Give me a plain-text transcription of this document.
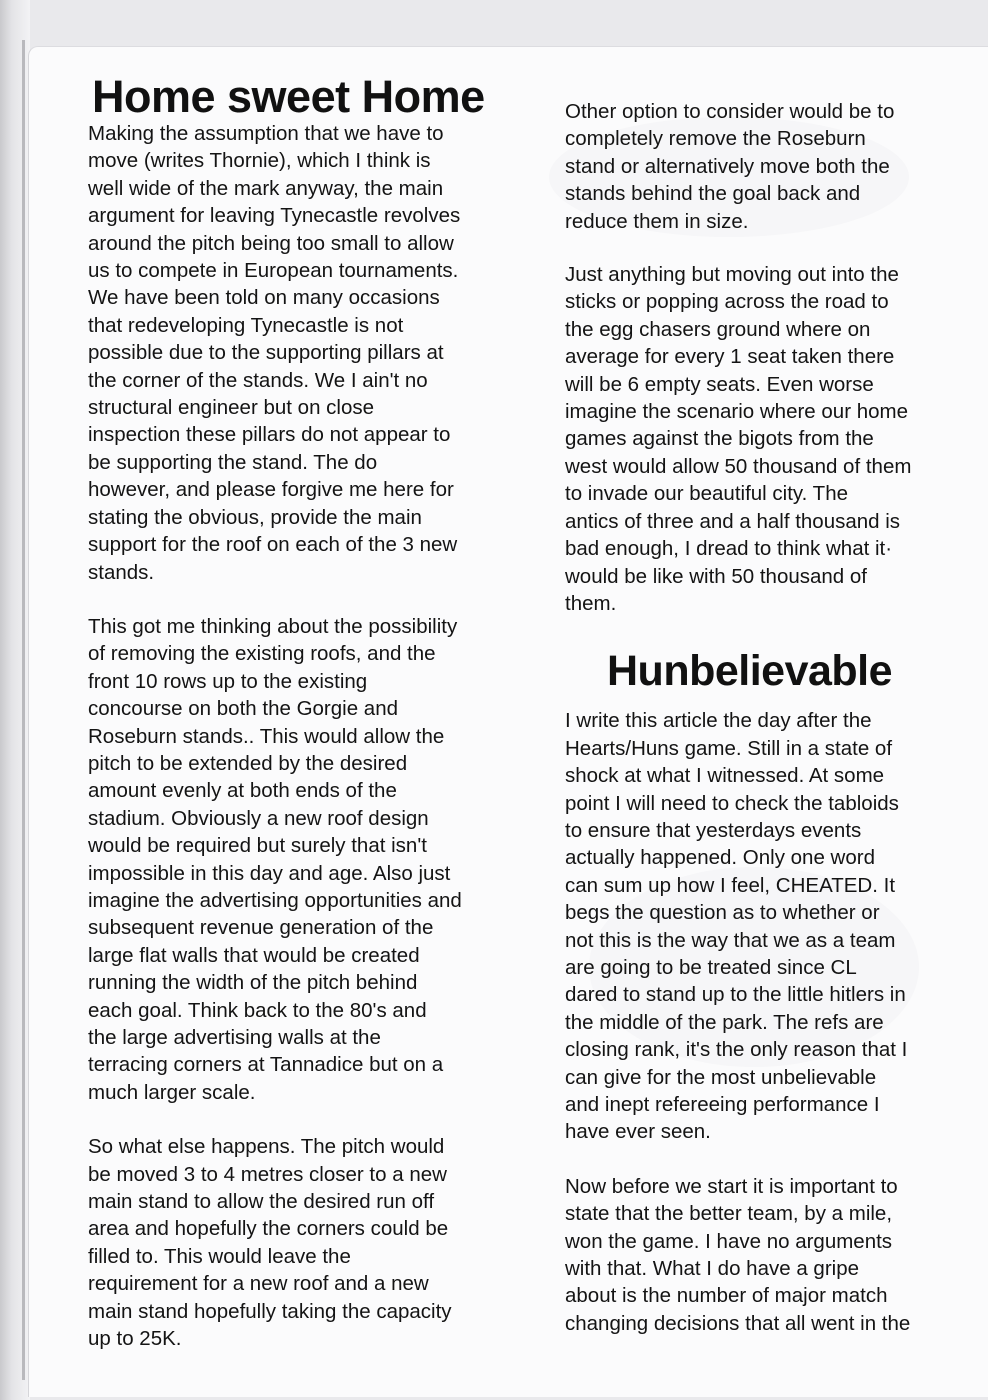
Home sweet Home

Making the assumption that we have to
move (writes Thornie), which I think is
well wide of the mark anyway, the main
argument for leaving Tynecastle revolves
around the pitch being too small to allow
us to compete in European tournaments.
We have been told on many occasions
that redeveloping Tynecastle is not
possible due to the supporting pillars at
the corner of the stands. We I ain't no
structural engineer but on close
inspection these pillars do not appear to
be supporting the stand. The do
however, and please forgive me here for
stating the obvious, provide the main
support for the roof on each of the 3 new
stands.

This got me thinking about the possibility
of removing the existing roofs, and the
front 10 rows up to the existing
concourse on both the Gorgie and
Roseburn stands.. This would allow the
pitch to be extended by the desired
amount evenly at both ends of the
stadium. Obviously a new roof design
would be required but surely that isn't
impossible in this day and age. Also just
imagine the advertising opportunities and
subsequent revenue generation of the
large flat walls that would be created
running the width of the pitch behind
each goal. Think back to the 80's and
the large advertising walls at the
terracing corners at Tannadice but on a
much larger scale.

So what else happens. The pitch would
be moved 3 to 4 metres closer to a new
main stand to allow the desired run off
area and hopefully the corners could be
filled to. This would leave the
requirement for a new roof and a new
main stand hopefully taking the capacity
up to 25K.

Other option to consider would be to
completely remove the Roseburn
stand or alternatively move both the
stands behind the goal back and
reduce them in size.

Just anything but moving out into the
sticks or popping across the road to
the egg chasers ground where on
average for every 1 seat taken there
will be 6 empty seats. Even worse
imagine the scenario where our home
games against the bigots from the
west would allow 50 thousand of them
to invade our beautiful city. The
antics of three and a half thousand is
bad enough, I dread to think what it·
would be like with 50 thousand of
them.

Hunbelievable

I write this article the day after the
Hearts/Huns game. Still in a state of
shock at what I witnessed. At some
point I will need to check the tabloids
to ensure that yesterdays events
actually happened. Only one word
can sum up how I feel, CHEATED. It
begs the question as to whether or
not this is the way that we as a team
are going to be treated since CL
dared to stand up to the little hitlers in
the middle of the park. The refs are
closing rank, it's the only reason that I
can give for the most unbelievable
and inept refereeing performance I
have ever seen.

Now before we start it is important to
state that the better team, by a mile,
won the game. I have no arguments
with that. What I do have a gripe
about is the number of major match
changing decisions that all went in the
